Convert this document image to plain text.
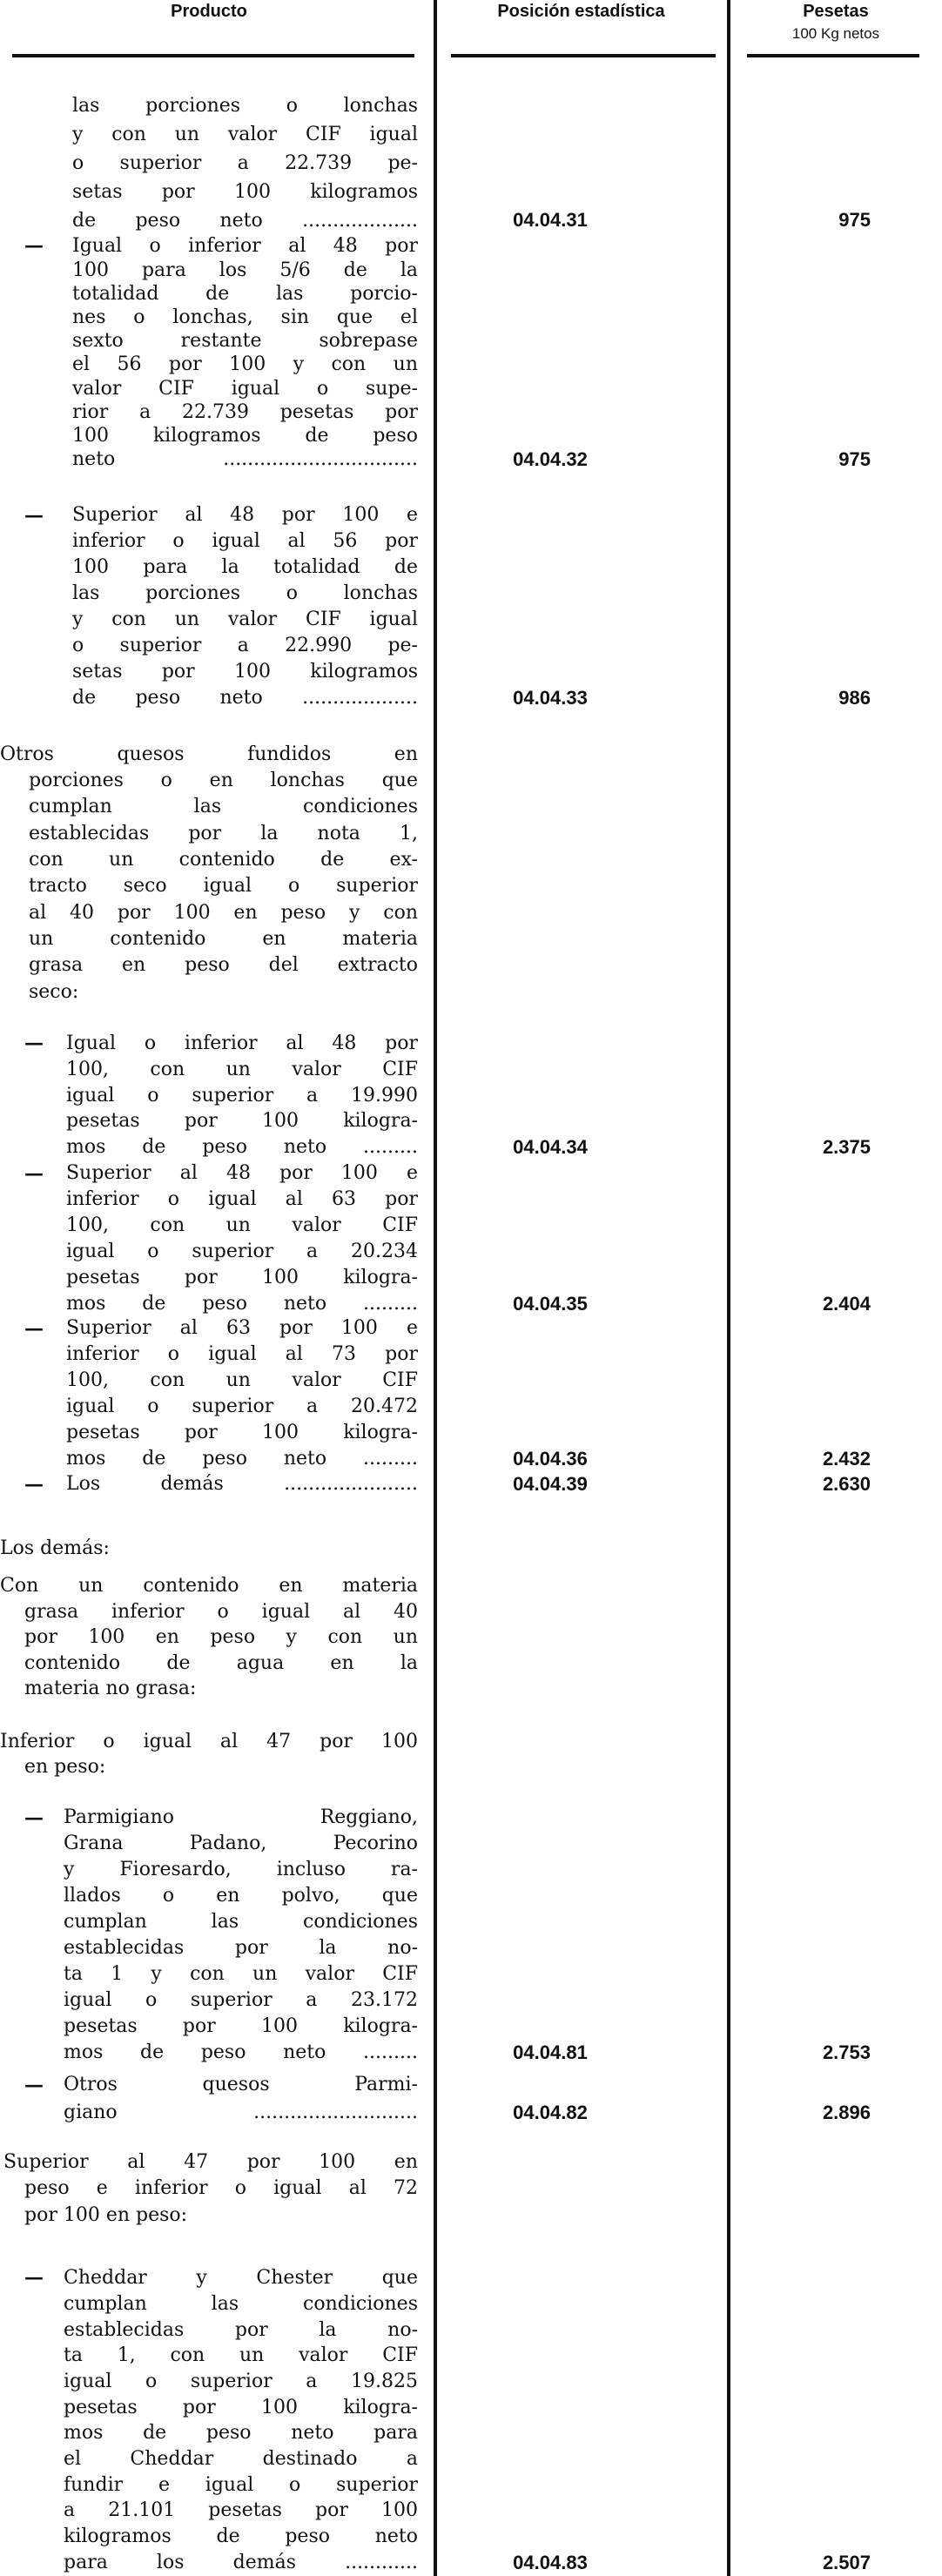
Producto	Posición estadística	Pesetas
100 Kg netos
las porciones o lonchas
y con un valor CIF igual
o superior a 22.739 pe-
setas por 100 kilogramos
de peso neto ...................	04.04.31	975
— Igual o inferior al 48 por
100 para los 5/6 de la
totalidad de las porcio-
nes o lonchas, sin que el
sexto restante sobrepase
el 56 por 100 y con un
valor CIF igual o supe-
rior a 22.739 pesetas por
100 kilogramos de peso
neto ................................	04.04.32	975
— Superior al 48 por 100 e
inferior o igual al 56 por
100 para la totalidad de
las porciones o lonchas
y con un valor CIF igual
o superior a 22.990 pe-
setas por 100 kilogramos
de peso neto ...................	04.04.33	986
Otros quesos fundidos en
porciones o en lonchas que
cumplan las condiciones
establecidas por la nota 1,
con un contenido de ex-
tracto seco igual o superior
al 40 por 100 en peso y con
un contenido en materia
grasa en peso del extracto
seco:
— Igual o inferior al 48 por
100, con un valor CIF
igual o superior a 19.990
pesetas por 100 kilogra-
mos de peso neto .........	04.04.34	2.375
— Superior al 48 por 100 e
inferior o igual al 63 por
100, con un valor CIF
igual o superior a 20.234
pesetas por 100 kilogra-
mos de peso neto .........	04.04.35	2.404
— Superior al 63 por 100 e
inferior o igual al 73 por
100, con un valor CIF
igual o superior a 20.472
pesetas por 100 kilogra-
mos de peso neto .........	04.04.36	2.432
— Los demás ......................	04.04.39	2.630
Los demás:
Con un contenido en materia
grasa inferior o igual al 40
por 100 en peso y con un
contenido de agua en la
materia no grasa:
Inferior o igual al 47 por 100
en peso:
— Parmigiano Reggiano,
Grana Padano, Pecorino
y Fioresardo, incluso ra-
llados o en polvo, que
cumplan las condiciones
establecidas por la no-
ta 1 y con un valor CIF
igual o superior a 23.172
pesetas por 100 kilogra-
mos de peso neto .........	04.04.81	2.753
— Otros quesos Parmi-
giano ...........................	04.04.82	2.896
Superior al 47 por 100 en
peso e inferior o igual al 72
por 100 en peso:
— Cheddar y Chester que
cumplan las condiciones
establecidas por la no-
ta 1, con un valor CIF
igual o superior a 19.825
pesetas por 100 kilogra-
mos de peso neto para
el Cheddar destinado a
fundir e igual o superior
a 21.101 pesetas por 100
kilogramos de peso neto
para los demás ............	04.04.83	2.507
